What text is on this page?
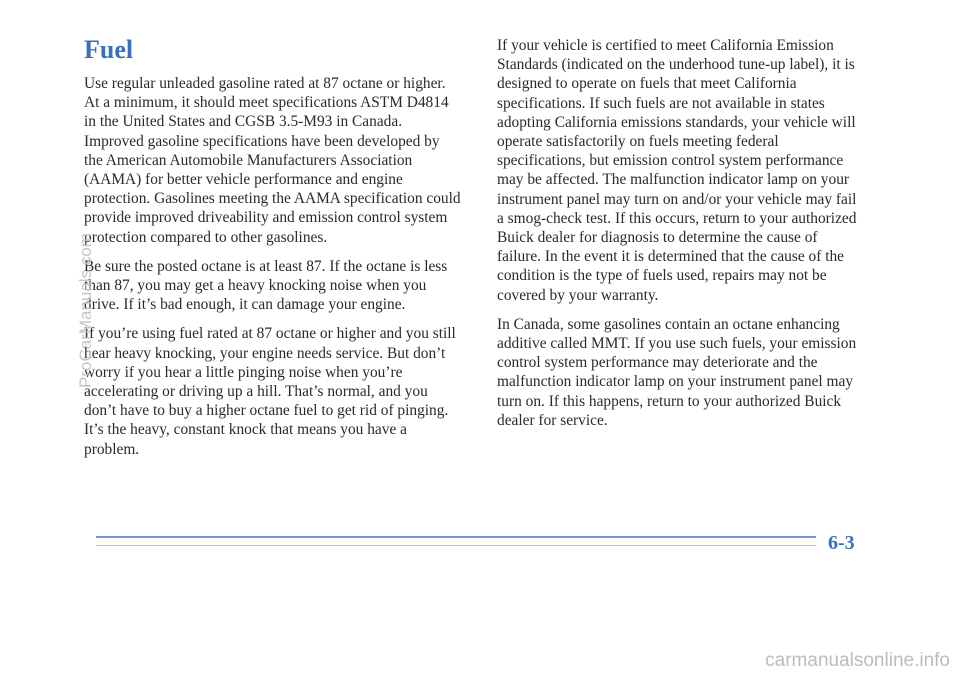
Fuel

Use regular unleaded gasoline rated at 87 octane or higher. At a minimum, it should meet specifications ASTM D4814 in the United States and CGSB 3.5-M93 in Canada. Improved gasoline specifications have been developed by the American Automobile Manufacturers Association (AAMA) for better vehicle performance and engine protection. Gasolines meeting the AAMA specification could provide improved driveability and emission control system protection compared to other gasolines.

Be sure the posted octane is at least 87. If the octane is less than 87, you may get a heavy knocking noise when you drive. If it’s bad enough, it can damage your engine.

If you’re using fuel rated at 87 octane or higher and you still hear heavy knocking, your engine needs service. But don’t worry if you hear a little pinging noise when you’re accelerating or driving up a hill. That’s normal, and you don’t have to buy a higher octane fuel to get rid of pinging. It’s the heavy, constant knock that means you have a problem.

If your vehicle is certified to meet California Emission Standards (indicated on the underhood tune-up label), it is designed to operate on fuels that meet California specifications. If such fuels are not available in states adopting California emissions standards, your vehicle will operate satisfactorily on fuels meeting federal specifications, but emission control system performance may be affected. The malfunction indicator lamp on your instrument panel may turn on and/or your vehicle may fail a smog-check test. If this occurs, return to your authorized Buick dealer for diagnosis to determine the cause of failure. In the event it is determined that the cause of the condition is the type of fuels used, repairs may not be covered by your warranty.

In Canada, some gasolines contain an octane enhancing additive called MMT. If you use such fuels, your emission control system performance may deteriorate and the malfunction indicator lamp on your instrument panel may turn on. If this happens, return to your authorized Buick dealer for service.

6-3
ProCarManuals.com
carmanualsonline.info
